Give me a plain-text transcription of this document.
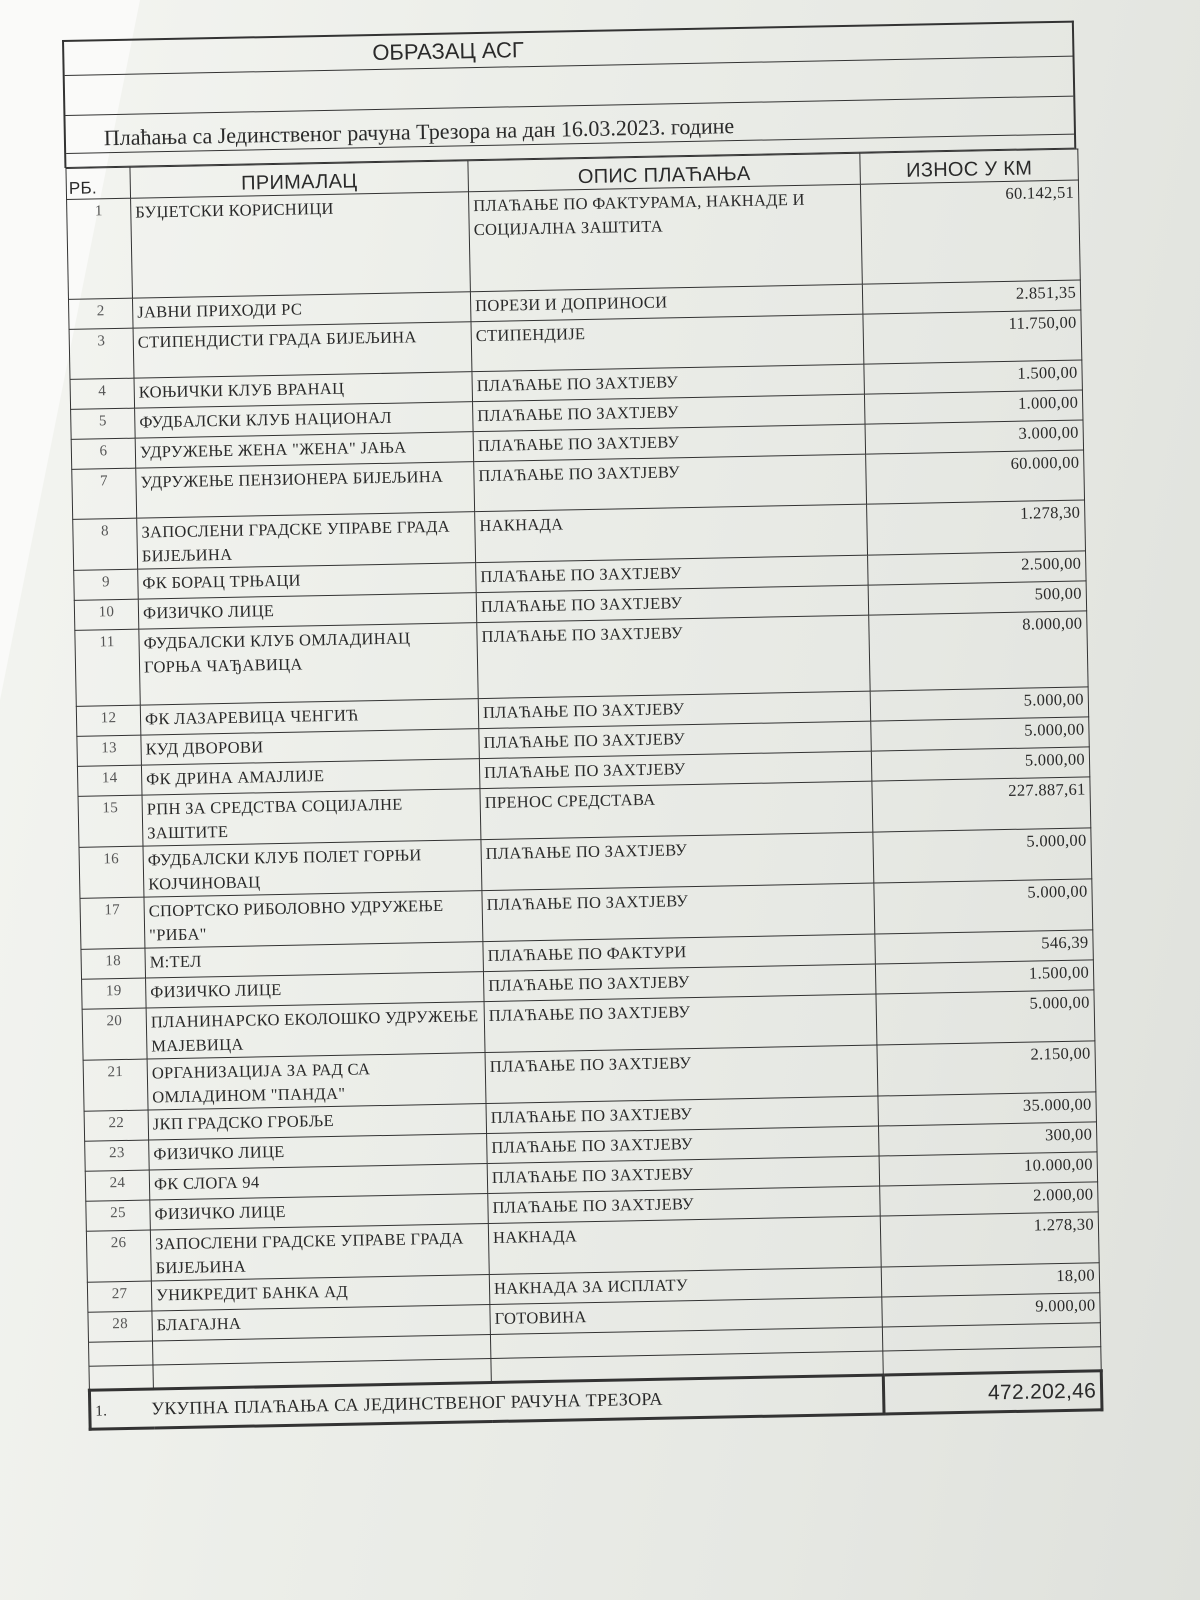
ОБРАЗАЦ АСГ
Плаћања са Јединственог рачуна Трезора на дан 16.03.2023. године
РБ.	ПРИМАЛАЦ	ОПИС ПЛАЋАЊА	ИЗНОС У КМ
1	БУЏЕТСКИ КОРИСНИЦИ	ПЛАЋАЊЕ ПО ФАКТУРАМА, НАКНАДЕ И СОЦИЈАЛНА ЗАШТИТА	60.142,51
2	ЈАВНИ ПРИХОДИ РС	ПОРЕЗИ И ДОПРИНОСИ	2.851,35
3	СТИПЕНДИСТИ ГРАДА БИЈЕЉИНА	СТИПЕНДИЈЕ	11.750,00
4	КОЊИЧКИ КЛУБ ВРАНАЦ	ПЛАЋАЊЕ ПО ЗАХТЈЕВУ	1.500,00
5	ФУДБАЛСКИ КЛУБ НАЦИОНАЛ	ПЛАЋАЊЕ ПО ЗАХТЈЕВУ	1.000,00
6	УДРУЖЕЊЕ ЖЕНА "ЖЕНА" ЈАЊА	ПЛАЋАЊЕ ПО ЗАХТЈЕВУ	3.000,00
7	УДРУЖЕЊЕ ПЕНЗИОНЕРА БИЈЕЉИНА	ПЛАЋАЊЕ ПО ЗАХТЈЕВУ	60.000,00
8	ЗАПОСЛЕНИ ГРАДСКЕ УПРАВЕ ГРАДА БИЈЕЉИНА	НАКНАДА	1.278,30
9	ФК БОРАЦ ТРЊАЦИ	ПЛАЋАЊЕ ПО ЗАХТЈЕВУ	2.500,00
10	ФИЗИЧКО ЛИЦЕ	ПЛАЋАЊЕ ПО ЗАХТЈЕВУ	500,00
11	ФУДБАЛСКИ КЛУБ ОМЛАДИНАЦ ГОРЊА ЧАЂАВИЦА	ПЛАЋАЊЕ ПО ЗАХТЈЕВУ	8.000,00
12	ФК ЛАЗАРЕВИЦА ЧЕНГИЋ	ПЛАЋАЊЕ ПО ЗАХТЈЕВУ	5.000,00
13	КУД ДВОРОВИ	ПЛАЋАЊЕ ПО ЗАХТЈЕВУ	5.000,00
14	ФК ДРИНА АМАЈЛИЈЕ	ПЛАЋАЊЕ ПО ЗАХТЈЕВУ	5.000,00
15	РПН ЗА СРЕДСТВА СОЦИЈАЛНЕ ЗАШТИТЕ	ПРЕНОС СРЕДСТАВА	227.887,61
16	ФУДБАЛСКИ КЛУБ ПОЛЕТ ГОРЊИ КОЈЧИНОВАЦ	ПЛАЋАЊЕ ПО ЗАХТЈЕВУ	5.000,00
17	СПОРТСКО РИБОЛОВНО УДРУЖЕЊЕ "РИБА"	ПЛАЋАЊЕ ПО ЗАХТЈЕВУ	5.000,00
18	М:ТЕЛ	ПЛАЋАЊЕ ПО ФАКТУРИ	546,39
19	ФИЗИЧКО ЛИЦЕ	ПЛАЋАЊЕ ПО ЗАХТЈЕВУ	1.500,00
20	ПЛАНИНАРСКО ЕКОЛОШКО УДРУЖЕЊЕ МАЈЕВИЦА	ПЛАЋАЊЕ ПО ЗАХТЈЕВУ	5.000,00
21	ОРГАНИЗАЦИЈА ЗА РАД СА ОМЛАДИНОМ "ПАНДА"	ПЛАЋАЊЕ ПО ЗАХТЈЕВУ	2.150,00
22	ЈКП ГРАДСКО ГРОБЉЕ	ПЛАЋАЊЕ ПО ЗАХТЈЕВУ	35.000,00
23	ФИЗИЧКО ЛИЦЕ	ПЛАЋАЊЕ ПО ЗАХТЈЕВУ	300,00
24	ФК СЛОГА 94	ПЛАЋАЊЕ ПО ЗАХТЈЕВУ	10.000,00
25	ФИЗИЧКО ЛИЦЕ	ПЛАЋАЊЕ ПО ЗАХТЈЕВУ	2.000,00
26	ЗАПОСЛЕНИ ГРАДСКЕ УПРАВЕ ГРАДА БИЈЕЉИНА	НАКНАДА	1.278,30
27	УНИКРЕДИТ БАНКА АД	НАКНАДА ЗА ИСПЛАТУ	18,00
28	БЛАГАЈНА	ГОТОВИНА	9.000,00

1. УКУПНА ПЛАЋАЊА СА ЈЕДИНСТВЕНОГ РАЧУНА ТРЕЗОРА			472.202,46
